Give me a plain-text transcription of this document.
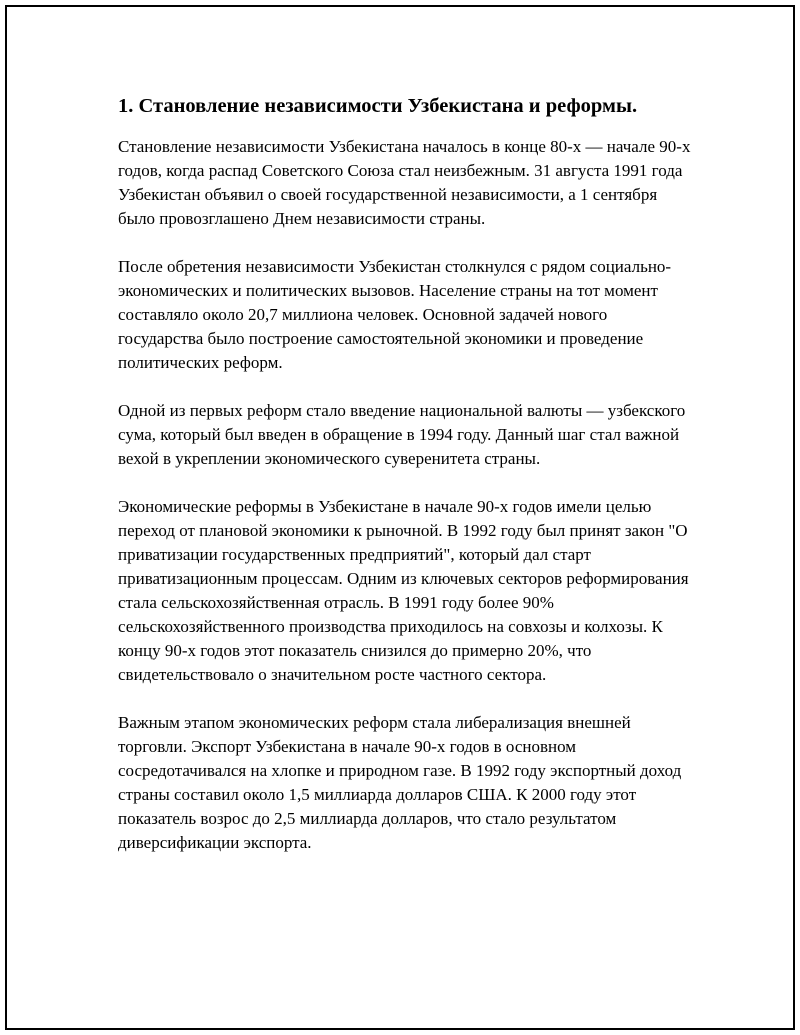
1. Становление независимости Узбекистана и реформы.

Становление независимости Узбекистана началось в конце 80-х — начале 90-х годов, когда распад Советского Союза стал неизбежным. 31 августа 1991 года Узбекистан объявил о своей государственной независимости, а 1 сентября было провозглашено Днем независимости страны.

После обретения независимости Узбекистан столкнулся с рядом социально-экономических и политических вызовов. Население страны на тот момент составляло около 20,7 миллиона человек. Основной задачей нового государства было построение самостоятельной экономики и проведение политических реформ.

Одной из первых реформ стало введение национальной валюты — узбекского сума, который был введен в обращение в 1994 году. Данный шаг стал важной вехой в укреплении экономического суверенитета страны.

Экономические реформы в Узбекистане в начале 90-х годов имели целью переход от плановой экономики к рыночной. В 1992 году был принят закон "О приватизации государственных предприятий", который дал старт приватизационным процессам. Одним из ключевых секторов реформирования стала сельскохозяйственная отрасль. В 1991 году более 90% сельскохозяйственного производства приходилось на совхозы и колхозы. К концу 90-х годов этот показатель снизился до примерно 20%, что свидетельствовало о значительном росте частного сектора.

Важным этапом экономических реформ стала либерализация внешней торговли. Экспорт Узбекистана в начале 90-х годов в основном сосредотачивался на хлопке и природном газе. В 1992 году экспортный доход страны составил около 1,5 миллиарда долларов США. К 2000 году этот показатель возрос до 2,5 миллиарда долларов, что стало результатом диверсификации экспорта.
